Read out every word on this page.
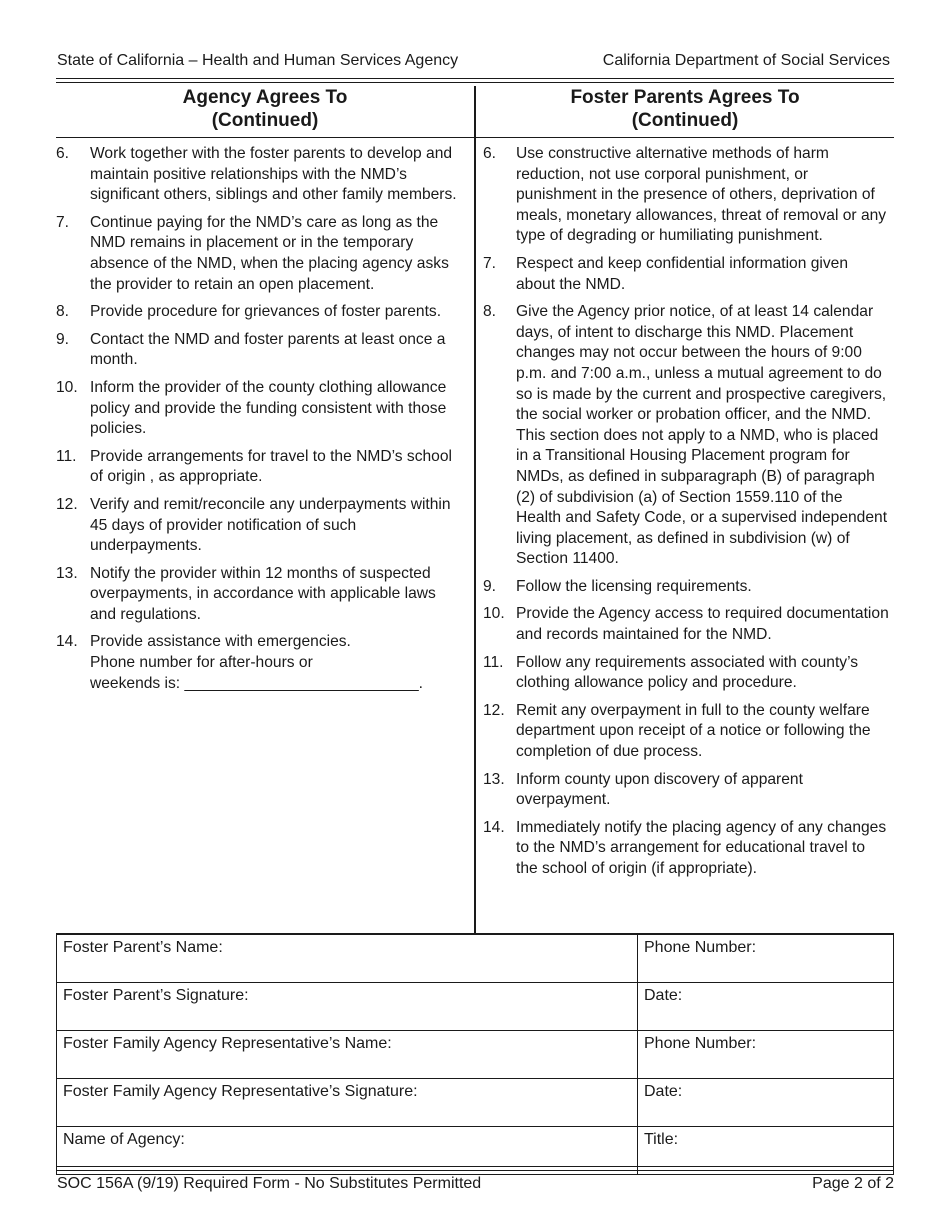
State of California – Health and Human Services Agency	California Department of Social Services
Agency Agrees To
(Continued)
Foster Parents Agrees To
(Continued)
6.	Work together with the foster parents to develop and maintain positive relationships with the NMD’s significant others, siblings and other family members.
7.	Continue paying for the NMD’s care as long as the NMD remains in placement or in the temporary absence of the NMD, when the placing agency asks the provider to retain an open placement.
8.	Provide procedure for grievances of foster parents.
9.	Contact the NMD and foster parents at least once a month.
10. Inform the provider of the county clothing allowance policy and provide the funding consistent with those policies.
11. Provide arrangements for travel to the NMD’s school of origin , as appropriate.
12. Verify and remit/reconcile any underpayments within 45 days of provider notification of such underpayments.
13. Notify the provider within 12 months of suspected overpayments, in accordance with applicable laws and regulations.
14. Provide assistance with emergencies.
Phone number for after-hours or
weekends is: ___________________________.
6.	Use constructive alternative methods of harm reduction, not use corporal punishment, or punishment in the presence of others, deprivation of meals, monetary allowances, threat of removal or any type of degrading or humiliating punishment.
7.	Respect and keep confidential information given about the NMD.
8.	Give the Agency prior notice, of at least 14 calendar days, of intent to discharge this NMD. Placement changes may not occur between the hours of 9:00 p.m. and 7:00 a.m., unless a mutual agreement to do so is made by the current and prospective caregivers, the social worker or probation officer, and the NMD. This section does not apply to a NMD, who is placed in a Transitional Housing Placement program for NMDs, as defined in subparagraph (B) of paragraph (2) of subdivision (a) of Section 1559.110 of the Health and Safety Code, or a supervised independent living placement, as defined in subdivision (w) of Section 11400.
9.	Follow the licensing requirements.
10. Provide the Agency access to required documentation and records maintained for the NMD.
11. Follow any requirements associated with county’s clothing allowance policy and procedure.
12. Remit any overpayment in full to the county welfare department upon receipt of a notice or following the completion of due process.
13. Inform county upon discovery of apparent overpayment.
14. Immediately notify the placing agency of any changes to the NMD’s arrangement for educational travel to the school of origin (if appropriate).
Foster Parent’s Name:	Phone Number:
Foster Parent’s Signature:	Date:
Foster Family Agency Representative’s Name:	Phone Number:
Foster Family Agency Representative’s Signature:	Date:
Name of Agency:	Title:
SOC 156A (9/19) Required Form - No Substitutes Permitted	Page 2 of 2
